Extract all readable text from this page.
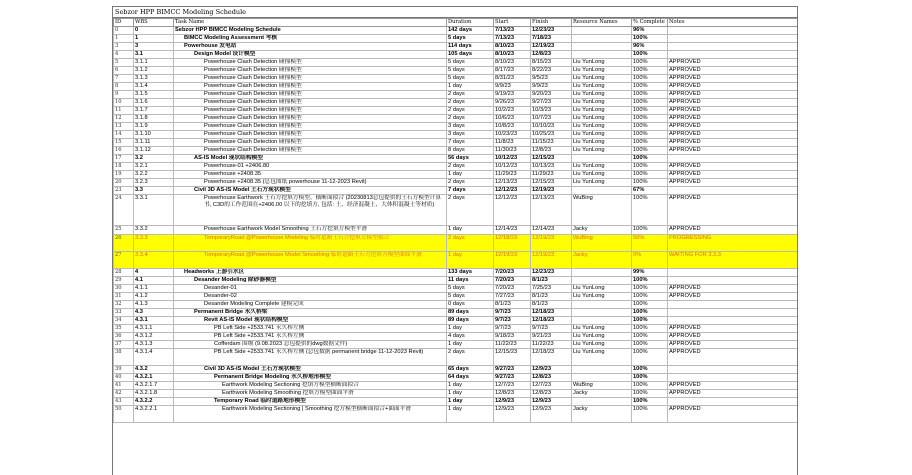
Sebzor HPP BIMCC Modeling Schedule
ID	WBS	Task Name	Duration	Start	Finish	Resource Names	% Complete	Notes
0	0	Sebzor HPP BIMCC Modeling Schedule	142 days	7/13/23	12/23/23		96%	
1	1	BIMCC Modeling Assessment 考核	5 days	7/13/23	7/18/23		100%	
3	3	Powerhouse 发电站	114 days	8/10/23	12/19/23		96%	
4	3.1	Design Model 设计模型	105 days	8/10/23	12/8/23		100%	
5	3.1.1	Powerhouse Clash Detection 碰撞模型	5 days	8/10/23	8/15/23	Liu YunLong	100%	APPROVED
6	3.1.2	Powerhouse Clash Detection 碰撞模型	5 days	8/17/23	8/22/23	Liu YunLong	100%	APPROVED
7	3.1.3	Powerhouse Clash Detection 碰撞模型	5 days	8/31/23	9/5/23	Liu YunLong	100%	APPROVED
8	3.1.4	Powerhouse Clash Detection 碰撞模型	1 day	9/9/23	9/9/23	Liu YunLong	100%	APPROVED
9	3.1.5	Powerhouse Clash Detection 碰撞模型	2 days	9/19/23	9/20/23	Liu YunLong	100%	APPROVED
10	3.1.6	Powerhouse Clash Detection 碰撞模型	2 days	9/26/23	9/27/23	Liu YunLong	100%	APPROVED
11	3.1.7	Powerhouse Clash Detection 碰撞模型	2 days	10/2/23	10/3/23	Liu YunLong	100%	APPROVED
12	3.1.8	Powerhouse Clash Detection 碰撞模型	2 days	10/6/23	10/7/23	Liu YunLong	100%	APPROVED
13	3.1.9	Powerhouse Clash Detection 碰撞模型	3 days	10/8/23	10/10/23	Liu YunLong	100%	APPROVED
14	3.1.10	Powerhouse Clash Detection 碰撞模型	3 days	10/23/23	10/25/23	Liu YunLong	100%	APPROVED
15	3.1.11	Powerhouse Clash Detection 碰撞模型	7 days	11/8/23	11/15/23	Liu YunLong	100%	APPROVED
16	3.1.12	Powerhouse Clash Detection 碰撞模型	8 days	11/30/23	12/8/23	Liu YunLong	100%	APPROVED
17	3.2	AS-IS Model 现状结构模型	56 days	10/12/23	12/15/23		100%	
18	3.2.1	Powerhouse-01 +2406.80	2 days	10/12/23	10/13/23	Liu YunLong	100%	APPROVED
19	3.2.2	Powerhouse +2408.35	1 day	11/29/23	11/29/23	Liu YunLong	100%	APPROVED
20	3.2.3	Powerhouse +2408.35 (总包图纸 powerhouse 11-12-2023 Revit)	2 days	12/13/23	12/15/23	Liu YunLong	100%	APPROVED
23	3.3	Civil 3D AS-IS Model 土石方现状模型	7 days	12/12/23	12/19/23		67%	
24	3.3.1	Powerhouse Earthwork 土石方挖填方模型、横断面拟合 (20230813总包提供的土石方模型计算书, C3D的工作范围在+2406.00 以下的挖填方, 包括: 土、经济混凝土、大体积混凝土等材质)	2 days	12/12/23	12/13/23	WuBing	100%	APPROVED
25	3.3.2	Powerhouse Earthwork Model Smoothing 土石方挖填方模型平滑	1 day	12/14/23	12/14/23	Jacky	100%	APPROVED
26	3.3.3	TemporaryRoad @Powerhouse Modeling 临时道路土石方挖填方模型拟合	2 days	12/18/23	12/19/23	WuBing	50%	PROGRESSING
27	3.3.4	TemporaryRoad @Powerhouse Model Smoothing 临时道路土石方挖填方模型曲面平滑	1 day	12/19/23	12/19/23	Jacky	0%	WAITING FOR 3.3.3
28	4	Headworks 上游引水区	133 days	7/20/23	12/23/23		99%	
29	4.1	Desander Modeling 除砂器模型	11 days	7/20/23	8/1/23		100%	
30	4.1.1	Desander-01	5 days	7/20/23	7/25/23	Liu YunLong	100%	APPROVED
31	4.1.2	Desander-02	5 days	7/27/23	8/1/23	Liu YunLong	100%	APPROVED
32	4.1.3	Desander Modeling Complete 建模完成	0 days	8/1/23	8/1/23		100%	
33	4.3	Permanent Bridge 永久桥梁	89 days	9/7/23	12/18/23		100%	
34	4.3.1	Revit AS-IS Model 现状结构模型	89 days	9/7/23	12/18/23		100%	
35	4.3.1.1	PB Left Side +2533.741 永久桥左侧	1 day	9/7/23	9/7/23	Liu YunLong	100%	APPROVED
36	4.3.1.2	PB Left Side +2533.741 永久桥左侧	4 days	9/18/23	9/21/23	Liu YunLong	100%	APPROVED
37	4.3.1.3	Cofferdam 围堰 (9.08.2023 总包提供的dwg数据文件)	1 day	11/22/23	11/22/23	Liu YunLong	100%	APPROVED
38	4.3.1.4	PB Left Side +2533.741 永久桥左侧 (总包数据 permanent bridge 11-12-2023 Revit)	2 days	12/15/23	12/18/23	Liu YunLong	100%	APPROVED
39	4.3.2	Civil 3D AS-IS Model 土石方现状模型	65 days	9/27/23	12/9/23		100%	
40	4.3.2.1	Permanent Bridge Modeling 永久桥地形模型	64 days	9/27/23	12/8/23		100%	
41	4.3.2.1.7	Earthwork Modeling Sectioning 挖填方模型横断面拟合	1 day	12/7/23	12/7/23	WuBing	100%	APPROVED
42	4.3.2.1.8	Earthwork Modeling Smoothing 挖填方模型曲面平滑	1 day	12/8/23	12/8/23	Jacky	100%	APPROVED
43	4.3.2.2	Temporary Road 临时道路地形模型	1 day	12/9/23	12/9/23		100%	
50	4.3.2.2.1	Earthwork Modeling Sectioning | Smoothing 挖方模型横断面拟合+曲面平滑	1 day	12/9/23	12/9/23	Jacky	100%	APPROVED
